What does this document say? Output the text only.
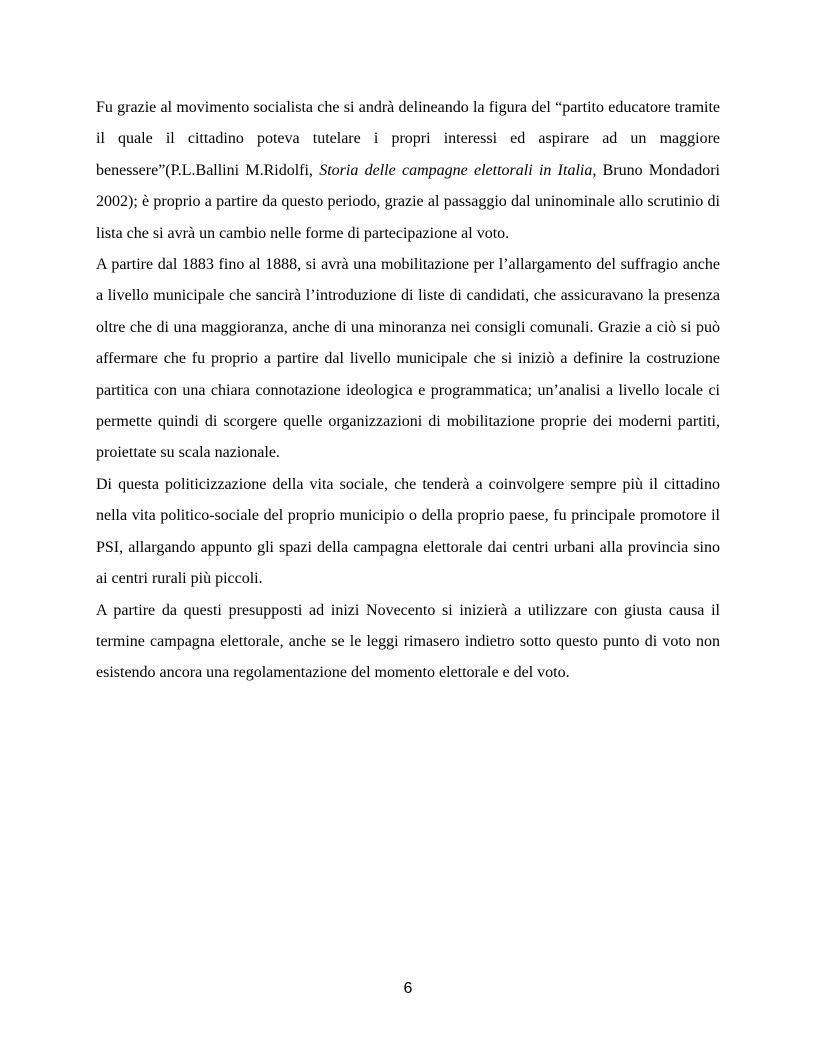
Fu grazie al movimento socialista che si andrà delineando la figura del “partito educatore tramite il quale il cittadino poteva tutelare i propri interessi ed aspirare ad un maggiore benessere”(P.L.Ballini M.Ridolfi, Storia delle campagne elettorali in Italia, Bruno Mondadori 2002); è proprio a partire da questo periodo, grazie al passaggio dal uninominale allo scrutinio di lista che si avrà un cambio nelle forme di partecipazione al voto.

A partire dal 1883 fino al 1888, si avrà una mobilitazione per l’allargamento del suffragio anche a livello municipale che sancirà l’introduzione di liste di candidati, che assicuravano la presenza oltre che di una maggioranza, anche di una minoranza nei consigli comunali. Grazie a ciò si può affermare che fu proprio a partire dal livello municipale che si iniziò a definire la costruzione partitica con una chiara connotazione ideologica e programmatica; un’analisi a livello locale ci permette quindi di scorgere quelle organizzazioni di mobilitazione proprie dei moderni partiti, proiettate su scala nazionale.

Di questa politicizzazione della vita sociale, che tenderà a coinvolgere sempre più il cittadino nella vita politico-sociale del proprio municipio o della proprio paese, fu principale promotore il PSI, allargando appunto gli spazi della campagna elettorale dai centri urbani alla provincia sino ai centri rurali più piccoli.

A partire da questi presupposti ad inizi Novecento si inizierà a utilizzare con giusta causa il termine campagna elettorale, anche se le leggi rimasero indietro sotto questo punto di voto non esistendo ancora una regolamentazione del momento elettorale e del voto.

6
